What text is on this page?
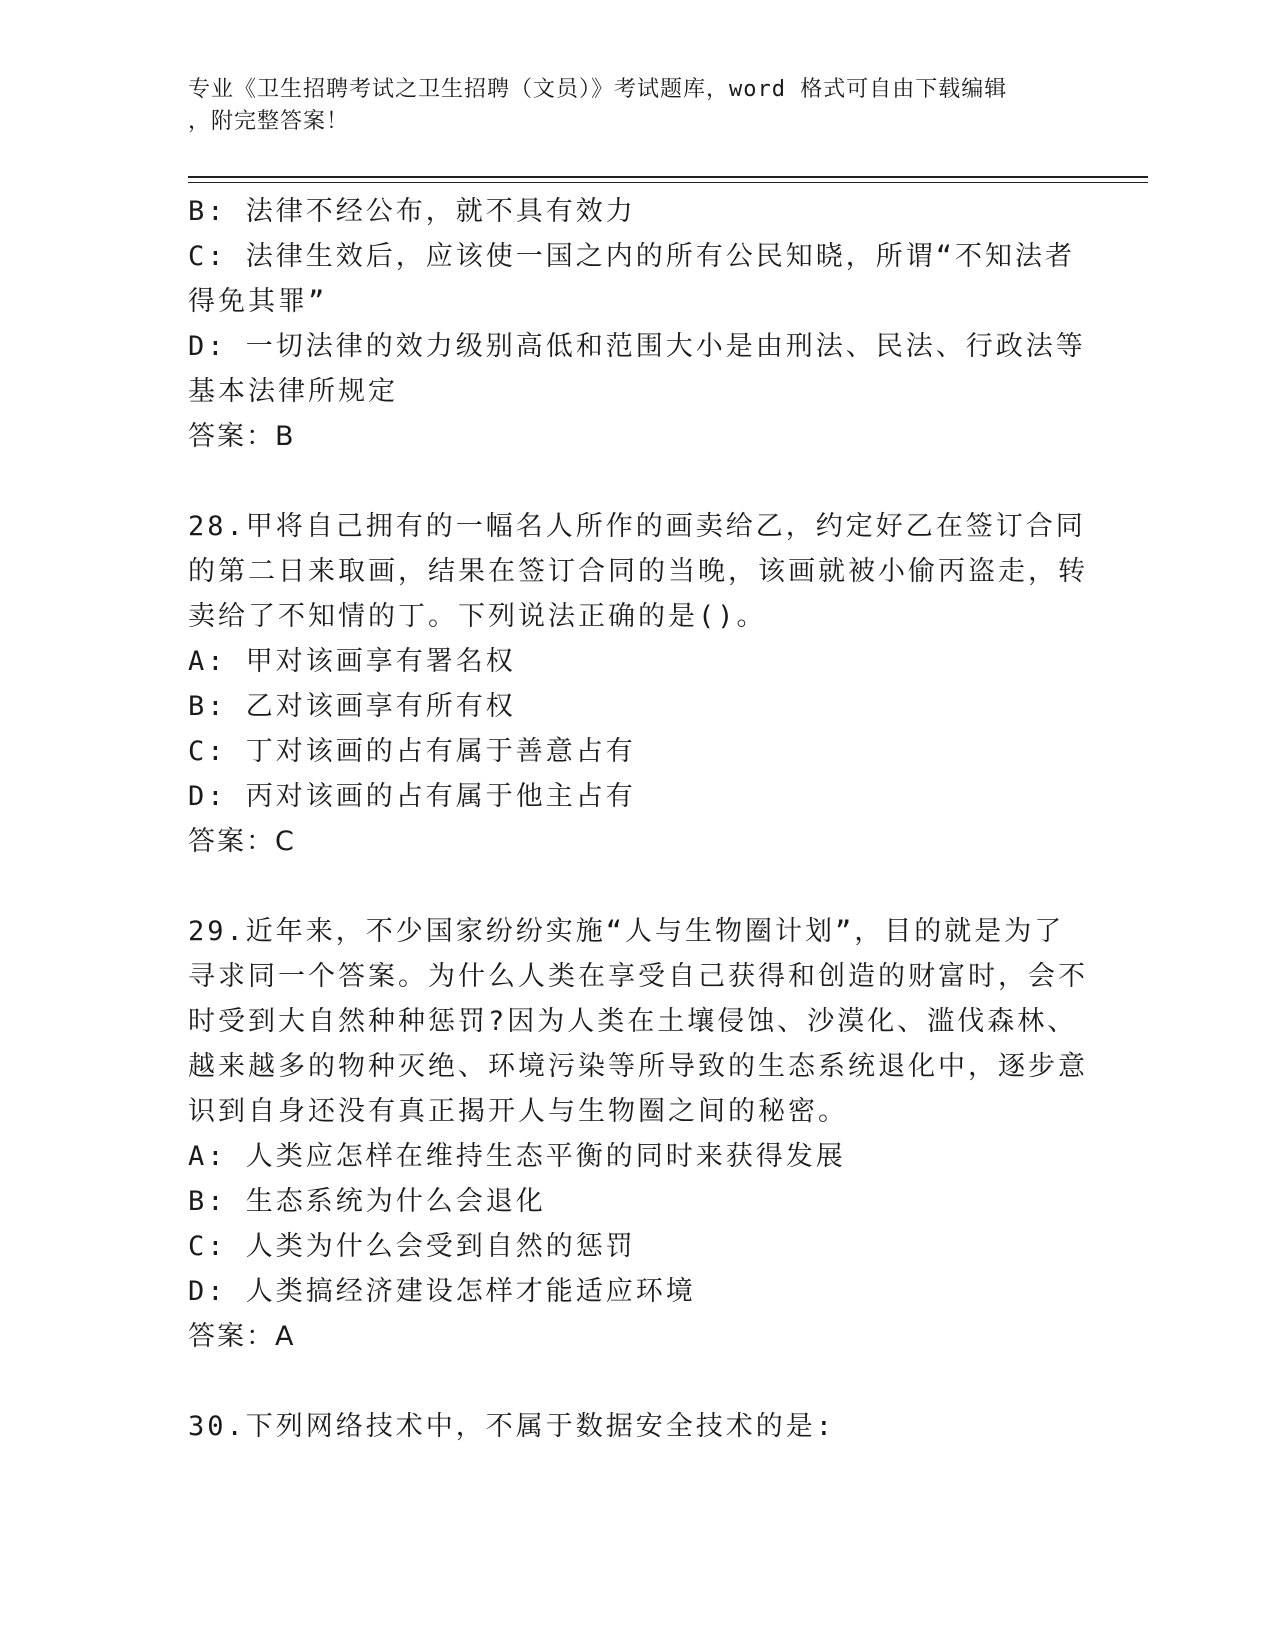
专业《卫生招聘考试之卫生招聘（文员）》考试题库，word 格式可自由下载编辑
，附完整答案！

B: 法律不经公布，就不具有效力

C: 法律生效后，应该使一国之内的所有公民知晓，所谓“不知法者得免其罪”

D: 一切法律的效力级别高低和范围大小是由刑法、民法、行政法等基本法律所规定

答案：B

28.甲将自己拥有的一幅名人所作的画卖给乙，约定好乙在签订合同的第二日来取画，结果在签订合同的当晚，该画就被小偷丙盗走，转卖给了不知情的丁。下列说法正确的是()。

A: 甲对该画享有署名权

B: 乙对该画享有所有权

C: 丁对该画的占有属于善意占有

D: 丙对该画的占有属于他主占有

答案：C

29.近年来，不少国家纷纷实施“人与生物圈计划”，目的就是为了寻求同一个答案。为什么人类在享受自己获得和创造的财富时，会不时受到大自然种种惩罚?因为人类在土壤侵蚀、沙漠化、滥伐森林、越来越多的物种灭绝、环境污染等所导致的生态系统退化中，逐步意识到自身还没有真正揭开人与生物圈之间的秘密。

A: 人类应怎样在维持生态平衡的同时来获得发展

B: 生态系统为什么会退化

C: 人类为什么会受到自然的惩罚

D: 人类搞经济建设怎样才能适应环境

答案：A

30.下列网络技术中，不属于数据安全技术的是:
